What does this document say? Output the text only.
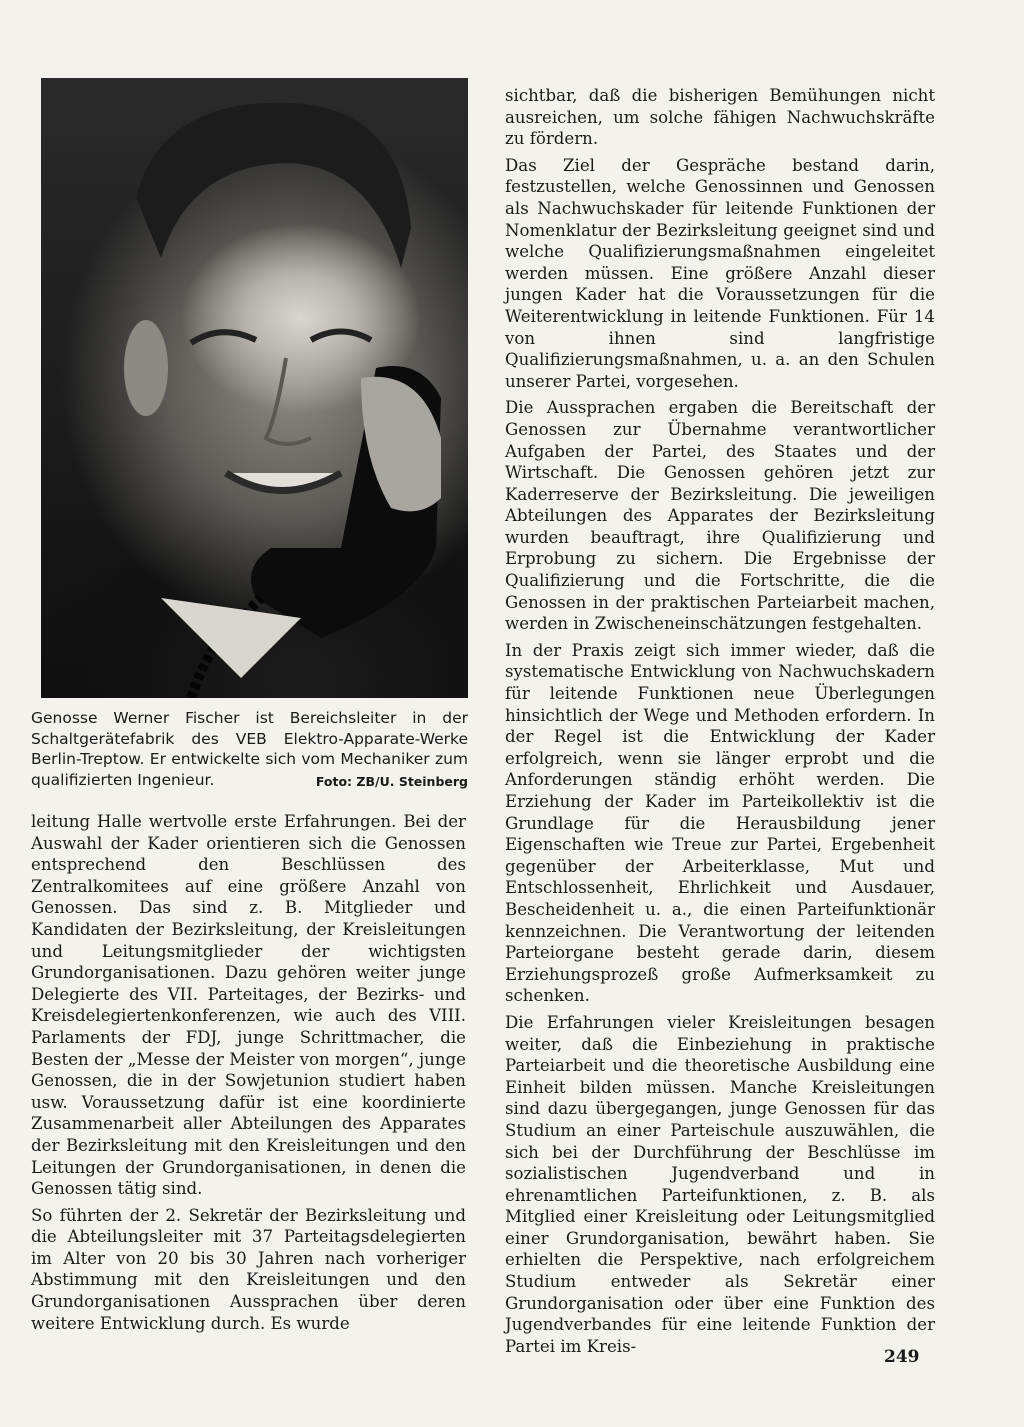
Genosse Werner Fischer ist Bereichsleiter in der Schaltgerätefabrik des VEB Elektro-Apparate-Werke Berlin-Treptow. Er entwickelte sich vom Mechaniker zum qualifizierten Ingenieur.	Foto: ZB/U. Steinberg

leitung Halle wertvolle erste Erfahrungen. Bei der Auswahl der Kader orientieren sich die Genossen entsprechend den Beschlüssen des Zentralkomitees auf eine größere Anzahl von Genossen. Das sind z. B. Mitglieder und Kandidaten der Bezirksleitung, der Kreisleitungen und Leitungsmitglieder der wichtigsten Grundorganisationen. Dazu gehören weiter junge Delegierte des VII. Parteitages, der Bezirks- und Kreisdelegiertenkonferenzen, wie auch des VIII. Parlaments der FDJ, junge Schrittmacher, die Besten der „Messe der Meister von morgen“, junge Genossen, die in der Sowjetunion studiert haben usw. Voraussetzung dafür ist eine koordinierte Zusammenarbeit aller Abteilungen des Apparates der Bezirksleitung mit den Kreisleitungen und den Leitungen der Grundorganisationen, in denen die Genossen tätig sind.

So führten der 2. Sekretär der Bezirksleitung und die Abteilungsleiter mit 37 Parteitagsdelegierten im Alter von 20 bis 30 Jahren nach vorheriger Abstimmung mit den Kreisleitungen und den Grundorganisationen Aussprachen über deren weitere Entwicklung durch. Es wurde

sichtbar, daß die bisherigen Bemühungen nicht ausreichen, um solche fähigen Nachwuchskräfte zu fördern.

Das Ziel der Gespräche bestand darin, festzustellen, welche Genossinnen und Genossen als Nachwuchskader für leitende Funktionen der Nomenklatur der Bezirksleitung geeignet sind und welche Qualifizierungsmaßnahmen eingeleitet werden müssen. Eine größere Anzahl dieser jungen Kader hat die Voraussetzungen für die Weiterentwicklung in leitende Funktionen. Für 14 von ihnen sind langfristige Qualifizierungsmaßnahmen, u. a. an den Schulen unserer Partei, vorgesehen.

Die Aussprachen ergaben die Bereitschaft der Genossen zur Übernahme verantwortlicher Aufgaben der Partei, des Staates und der Wirtschaft. Die Genossen gehören jetzt zur Kaderreserve der Bezirksleitung. Die jeweiligen Abteilungen des Apparates der Bezirksleitung wurden beauftragt, ihre Qualifizierung und Erprobung zu sichern. Die Ergebnisse der Qualifizierung und die Fortschritte, die die Genossen in der praktischen Parteiarbeit machen, werden in Zwischeneinschätzungen festgehalten.

In der Praxis zeigt sich immer wieder, daß die systematische Entwicklung von Nachwuchskadern für leitende Funktionen neue Überlegungen hinsichtlich der Wege und Methoden erfordern. In der Regel ist die Entwicklung der Kader erfolgreich, wenn sie länger erprobt und die Anforderungen ständig erhöht werden. Die Erziehung der Kader im Parteikollektiv ist die Grundlage für die Herausbildung jener Eigenschaften wie Treue zur Partei, Ergebenheit gegenüber der Arbeiterklasse, Mut und Entschlossenheit, Ehrlichkeit und Ausdauer, Bescheidenheit u. a., die einen Parteifunktionär kennzeichnen. Die Verantwortung der leitenden Parteiorgane besteht gerade darin, diesem Erziehungsprozeß große Aufmerksamkeit zu schenken.

Die Erfahrungen vieler Kreisleitungen besagen weiter, daß die Einbeziehung in praktische Parteiarbeit und die theoretische Ausbildung eine Einheit bilden müssen. Manche Kreisleitungen sind dazu übergegangen, junge Genossen für das Studium an einer Parteischule auszuwählen, die sich bei der Durchführung der Beschlüsse im sozialistischen Jugendverband und in ehrenamtlichen Parteifunktionen, z. B. als Mitglied einer Kreisleitung oder Leitungsmitglied einer Grundorganisation, bewährt haben. Sie erhielten die Perspektive, nach erfolgreichem Studium entweder als Sekretär einer Grundorganisation oder über eine Funktion des Jugendverbandes für eine leitende Funktion der Partei im Kreis-

249
